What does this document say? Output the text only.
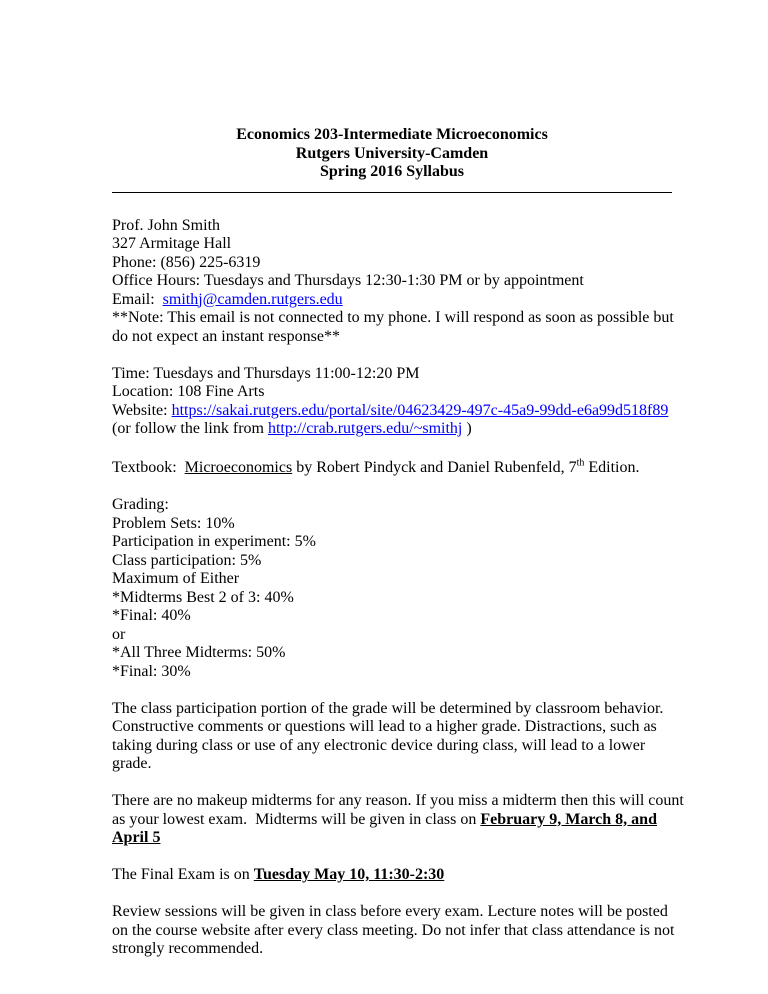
Economics 203-Intermediate Microeconomics
Rutgers University-Camden
Spring 2016 Syllabus
Prof. John Smith
327 Armitage Hall
Phone: (856) 225-6319
Office Hours: Tuesdays and Thursdays 12:30-1:30 PM or by appointment
Email:  smithj@camden.rutgers.edu
**Note: This email is not connected to my phone. I will respond as soon as possible but
do not expect an instant response**
Time: Tuesdays and Thursdays 11:00-12:20 PM
Location: 108 Fine Arts
Website: https://sakai.rutgers.edu/portal/site/04623429-497c-45a9-99dd-e6a99d518f89
(or follow the link from http://crab.rutgers.edu/~smithj )
Textbook:  Microeconomics by Robert Pindyck and Daniel Rubenfeld, 7th Edition.
Grading:
Problem Sets: 10%
Participation in experiment: 5%
Class participation: 5%
Maximum of Either
*Midterms Best 2 of 3: 40%
*Final: 40%
or
*All Three Midterms: 50%
*Final: 30%
The class participation portion of the grade will be determined by classroom behavior.
Constructive comments or questions will lead to a higher grade. Distractions, such as
taking during class or use of any electronic device during class, will lead to a lower
grade.
There are no makeup midterms for any reason. If you miss a midterm then this will count
as your lowest exam.  Midterms will be given in class on February 9, March 8, and
April 5
The Final Exam is on Tuesday May 10, 11:30-2:30
Review sessions will be given in class before every exam. Lecture notes will be posted
on the course website after every class meeting. Do not infer that class attendance is not
strongly recommended.
